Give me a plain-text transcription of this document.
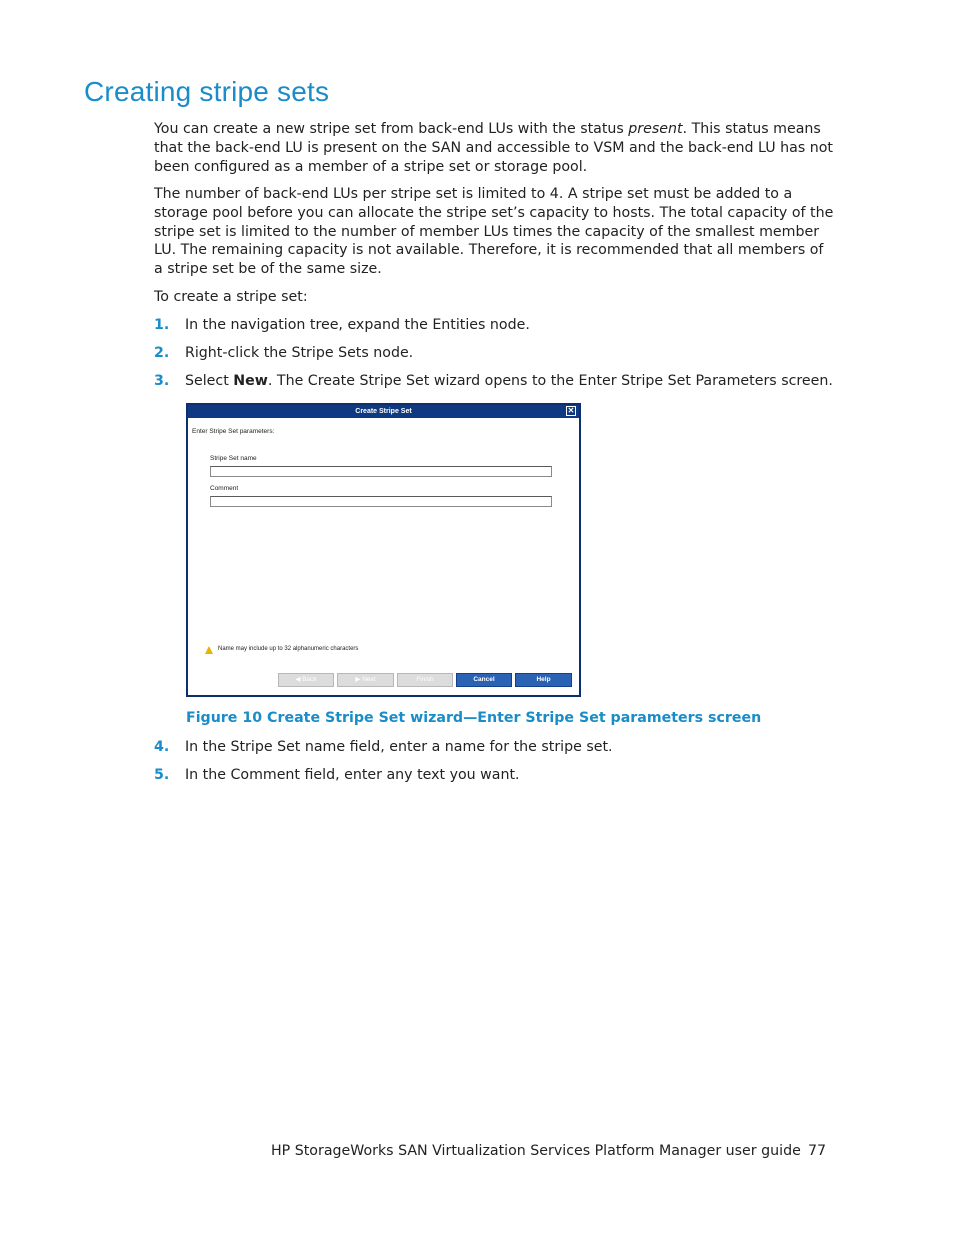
Creating stripe sets

You can create a new stripe set from back-end LUs with the status present. This status means that the back-end LU is present on the SAN and accessible to VSM and the back-end LU has not been configured as a member of a stripe set or storage pool.

The number of back-end LUs per stripe set is limited to 4. A stripe set must be added to a storage pool before you can allocate the stripe set’s capacity to hosts. The total capacity of the stripe set is limited to the number of member LUs times the capacity of the smallest member LU. The remaining capacity is not available. Therefore, it is recommended that all members of a stripe set be of the same size.

To create a stripe set:

1. In the navigation tree, expand the Entities node.
2. Right-click the Stripe Sets node.
3. Select New. The Create Stripe Set wizard opens to the Enter Stripe Set Parameters screen.
Create Stripe Set	✕
Enter Stripe Set parameters:
Stripe Set name
Comment
Name may include up to 32 alphanumeric characters
◀ Back	▶ Next	Finish	Cancel	Help

Figure 10 Create Stripe Set wizard—Enter Stripe Set parameters screen

4. In the Stripe Set name field, enter a name for the stripe set.
5. In the Comment field, enter any text you want.
HP StorageWorks SAN Virtualization Services Platform Manager user guide 77
